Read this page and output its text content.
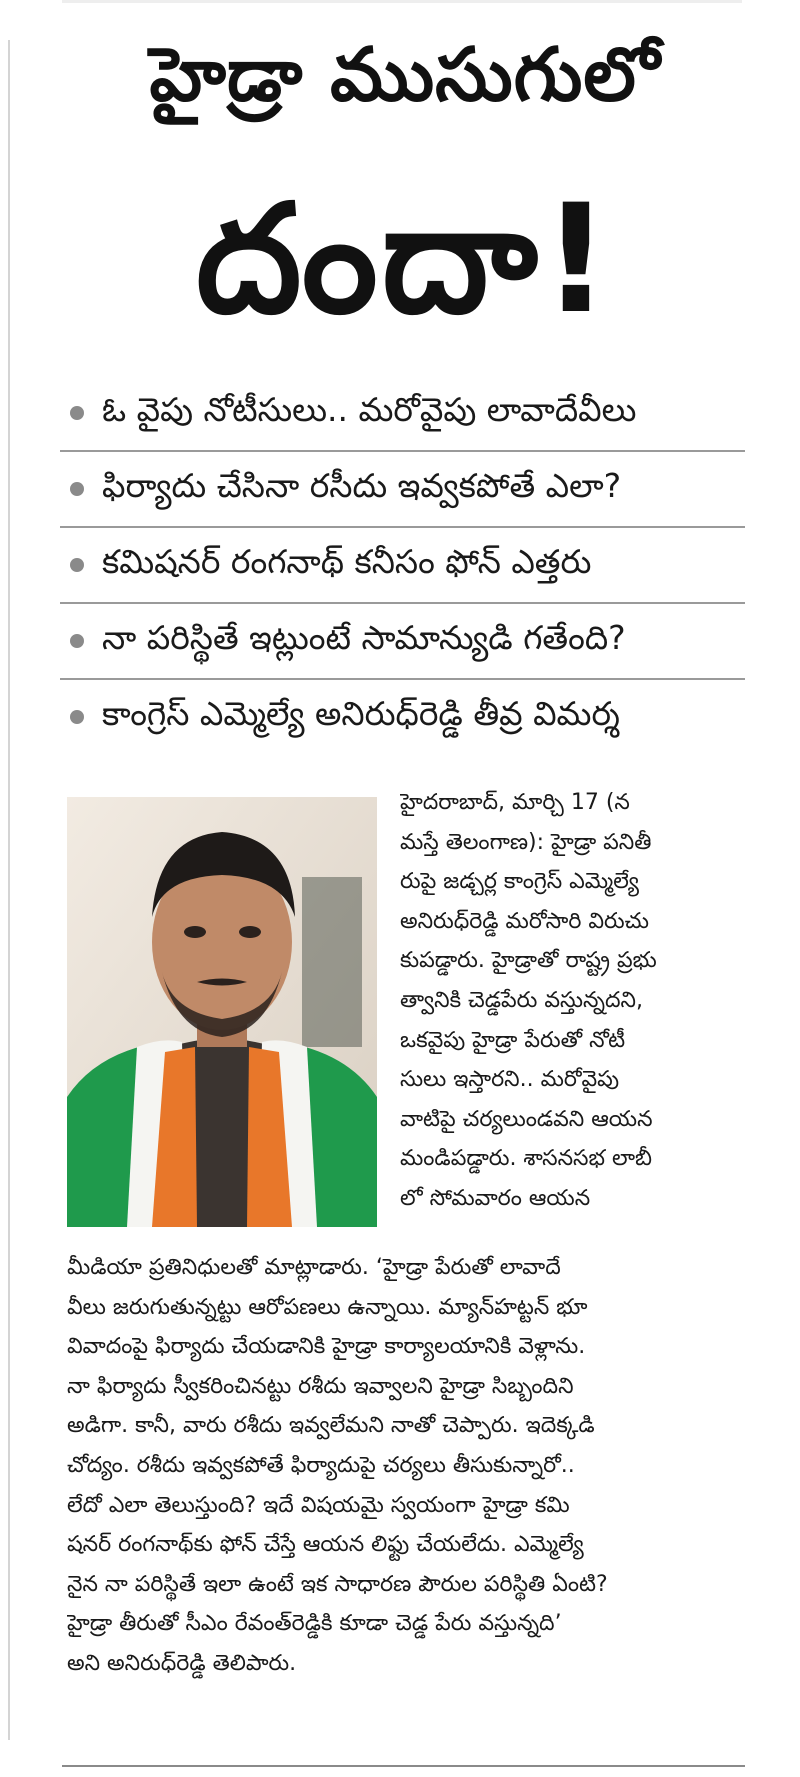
హైడ్రా ముసుగులో
దందా!
ఓ వైపు నోటీసులు.. మరోవైపు లావాదేవీలు
ఫిర్యాదు చేసినా రసీదు ఇవ్వకపోతే ఎలా?
కమిషనర్ రంగనాథ్ కనీసం ఫోన్ ఎత్తరు
నా పరిస్థితే ఇట్లుంటే సామాన్యుడి గతేంది?
కాంగ్రెస్ ఎమ్మెల్యే అనిరుధ్‌రెడ్డి తీవ్ర విమర్శ
హైదరాబాద్, మార్చి 17 (న
మస్తే తెలంగాణ): హైడ్రా పనితీ
రుపై జడ్చర్ల కాంగ్రెస్ ఎమ్మెల్యే
అనిరుధ్‌రెడ్డి మరోసారి విరుచు
కుపడ్డారు. హైడ్రాతో రాష్ట్ర ప్రభు
త్వానికి చెడ్డపేరు వస్తున్నదని,
ఒకవైపు హైడ్రా పేరుతో నోటీ
సులు ఇస్తారని.. మరోవైపు
వాటిపై చర్యలుండవని ఆయన
మండిపడ్డారు. శాసనసభ లాబీ
లో సోమవారం ఆయన
మీడియా ప్రతినిధులతో మాట్లాడారు. ‘హైడ్రా పేరుతో లావాదే
వీలు జరుగుతున్నట్టు ఆరోపణలు ఉన్నాయి. మ్యాన్‌హట్టన్ భూ
వివాదంపై ఫిర్యాదు చేయడానికి హైడ్రా కార్యాలయానికి వెళ్లాను.
నా ఫిర్యాదు స్వీకరించినట్టు రశీదు ఇవ్వాలని హైడ్రా సిబ్బందిని
అడిగా. కానీ, వారు రశీదు ఇవ్వలేమని నాతో చెప్పారు. ఇదెక్కడి
చోద్యం. రశీదు ఇవ్వకపోతే ఫిర్యాదుపై చర్యలు తీసుకున్నారో..
లేదో ఎలా తెలుస్తుంది? ఇదే విషయమై స్వయంగా హైడ్రా కమి
షనర్ రంగనాథ్‌కు ఫోన్ చేస్తే ఆయన లిఫ్టు చేయలేదు. ఎమ్మెల్యే
నైన నా పరిస్థితే ఇలా ఉంటే ఇక సాధారణ పౌరుల పరిస్థితి ఏంటి?
హైడ్రా తీరుతో సీఎం రేవంత్‌రెడ్డికి కూడా చెడ్డ పేరు వస్తున్నది’
అని అనిరుధ్‌రెడ్డి తెలిపారు.
